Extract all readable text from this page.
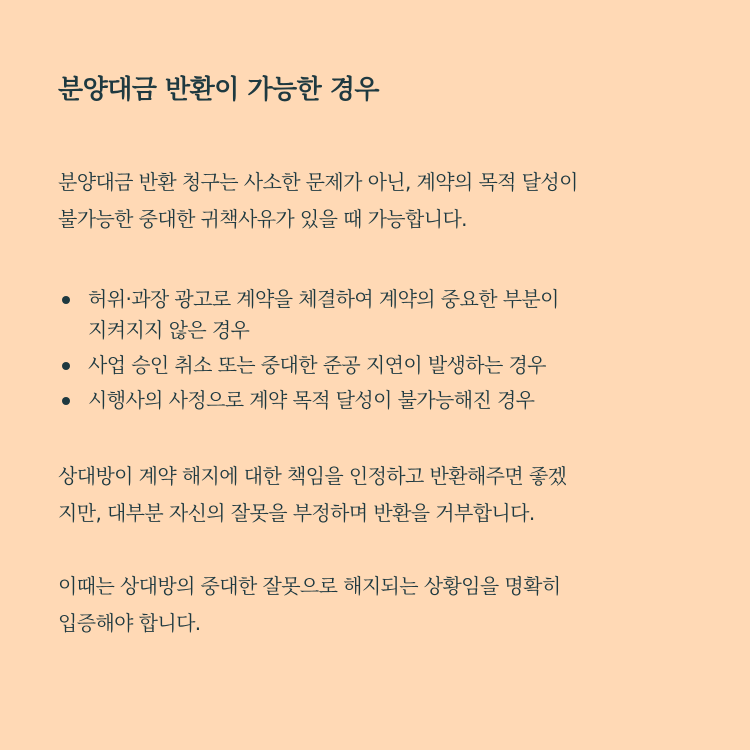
분양대금 반환이 가능한 경우

분양대금 반환 청구는 사소한 문제가 아닌, 계약의 목적 달성이
불가능한 중대한 귀책사유가 있을 때 가능합니다.

허위·과장 광고로 계약을 체결하여 계약의 중요한 부분이
지켜지지 않은 경우
사업 승인 취소 또는 중대한 준공 지연이 발생하는 경우
시행사의 사정으로 계약 목적 달성이 불가능해진 경우

상대방이 계약 해지에 대한 책임을 인정하고 반환해주면 좋겠
지만, 대부분 자신의 잘못을 부정하며 반환을 거부합니다.

이때는 상대방의 중대한 잘못으로 해지되는 상황임을 명확히
입증해야 합니다.
